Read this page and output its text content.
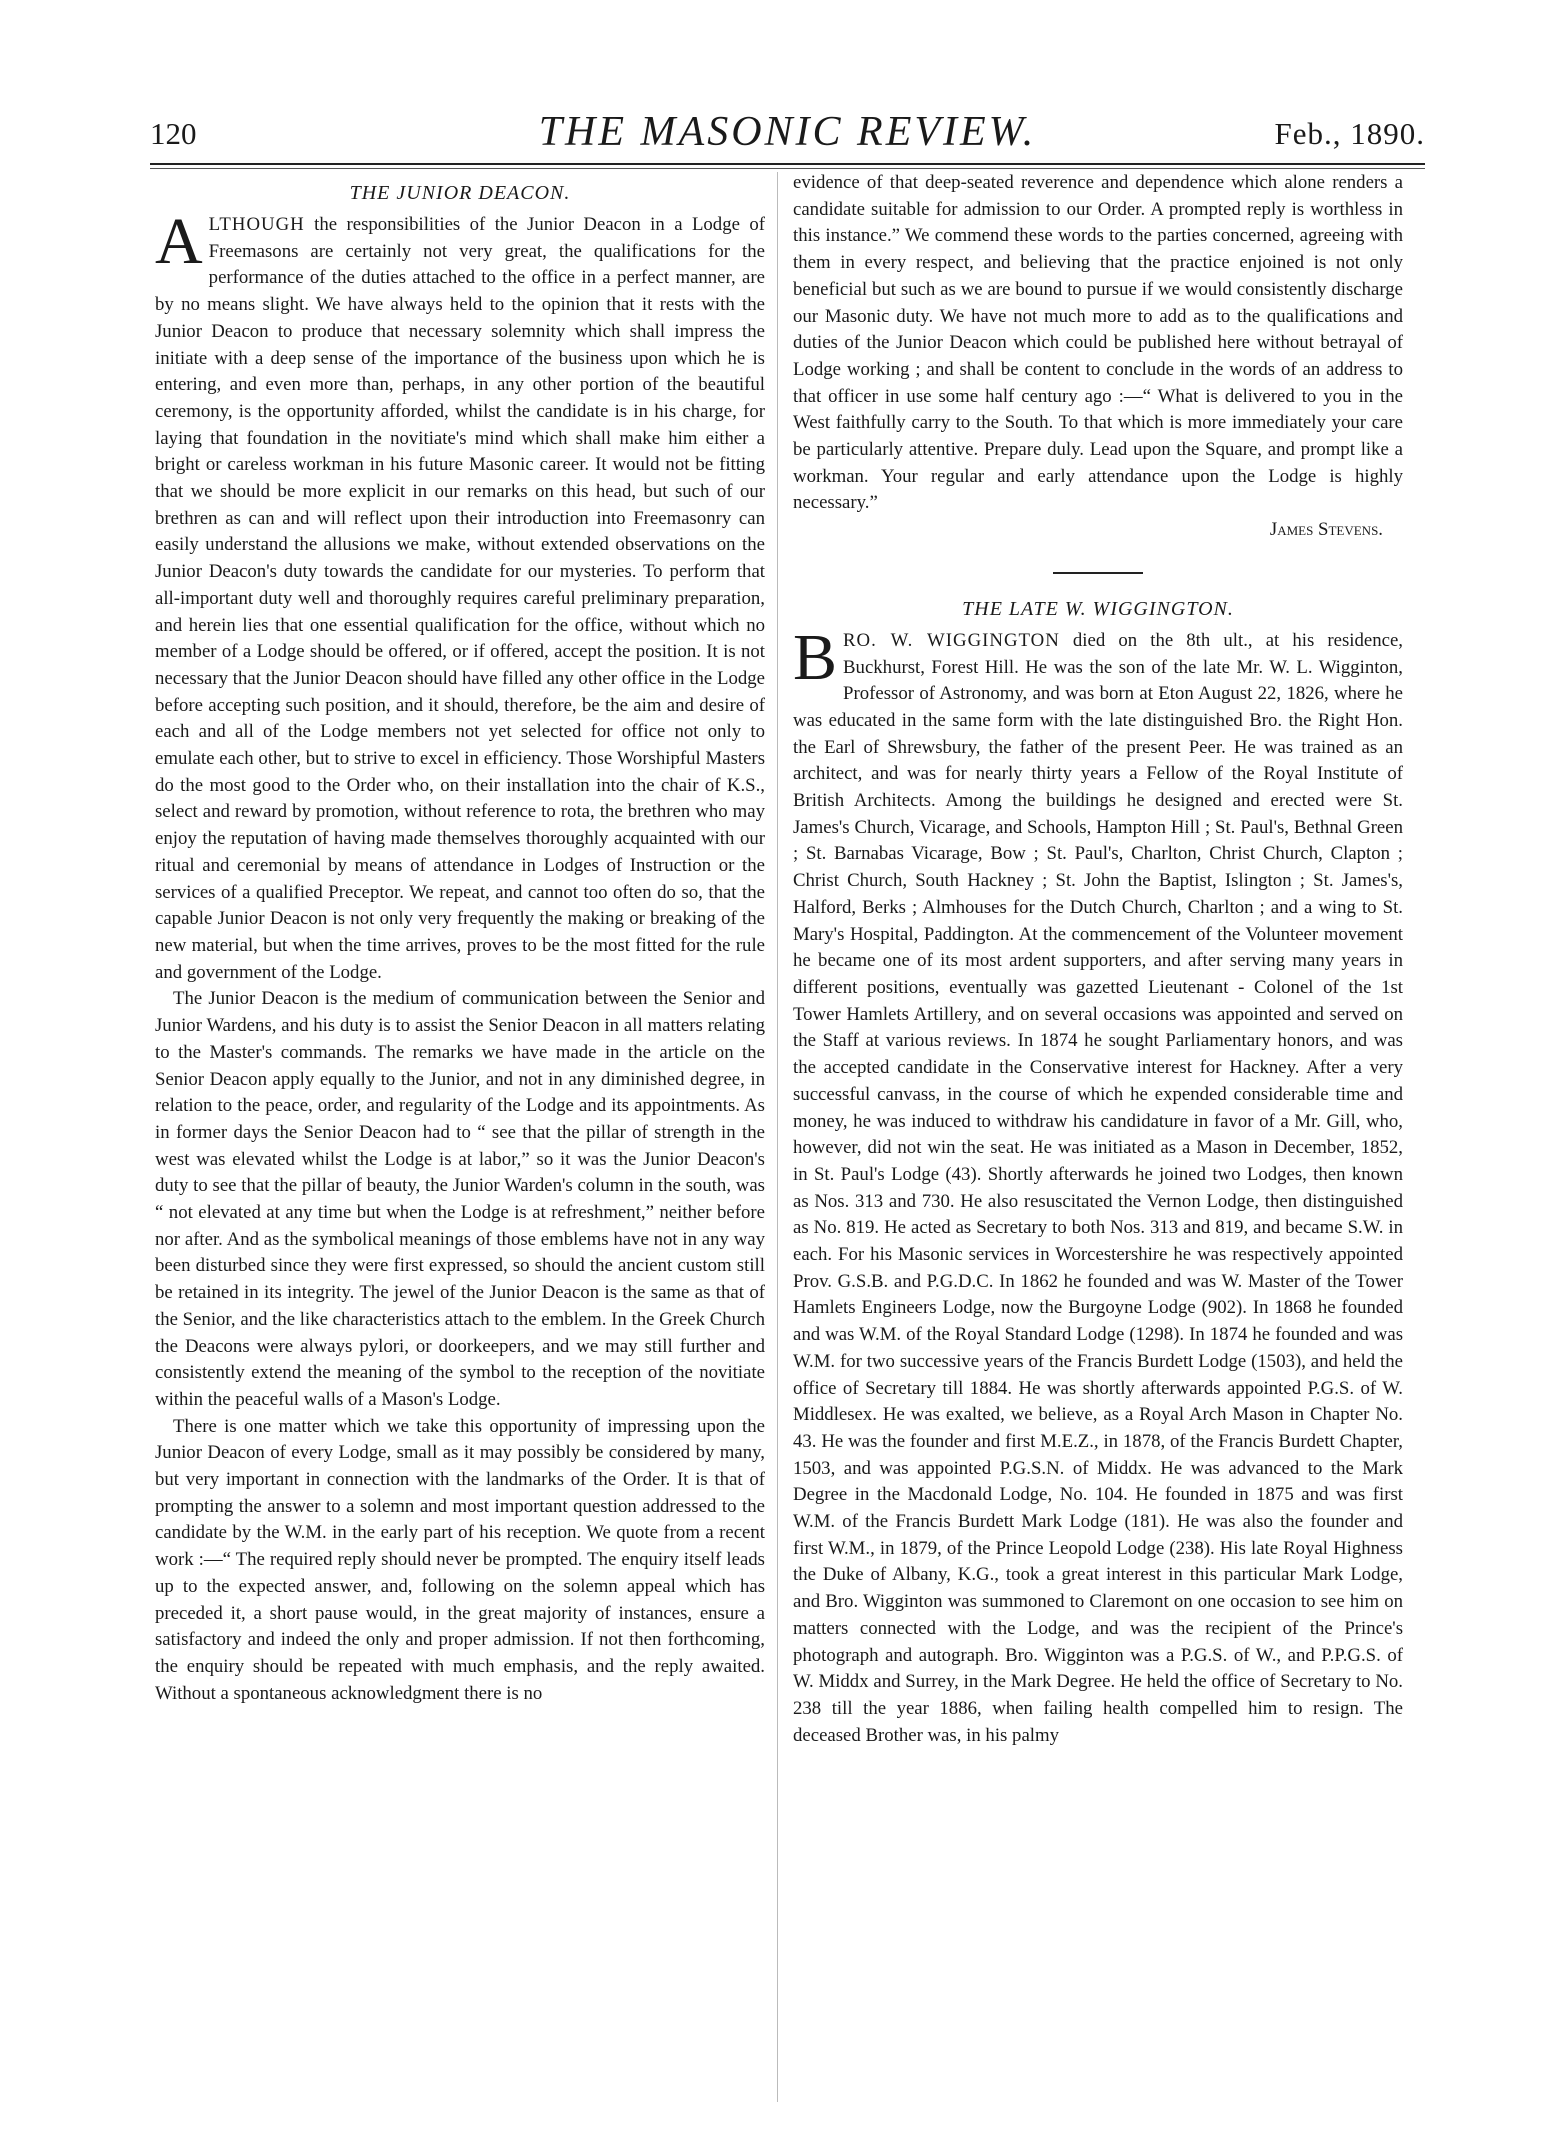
120	THE MASONIC REVIEW.	Feb., 1890.
THE JUNIOR DEACON.

ALTHOUGH the responsibilities of the Junior Deacon in a Lodge of Freemasons are certainly not very great, the qualifications for the performance of the duties attached to the office in a perfect manner, are by no means slight. We have always held to the opinion that it rests with the Junior Deacon to produce that necessary solemnity which shall impress the initiate with a deep sense of the importance of the business upon which he is entering, and even more than, perhaps, in any other portion of the beautiful ceremony, is the opportunity afforded, whilst the candidate is in his charge, for laying that foundation in the novitiate's mind which shall make him either a bright or careless workman in his future Masonic career. It would not be fitting that we should be more explicit in our remarks on this head, but such of our brethren as can and will reflect upon their introduction into Freemasonry can easily understand the allusions we make, without extended observations on the Junior Deacon's duty towards the candidate for our mysteries. To perform that all-important duty well and thoroughly requires careful preliminary preparation, and herein lies that one essential qualification for the office, without which no member of a Lodge should be offered, or if offered, accept the position. It is not necessary that the Junior Deacon should have filled any other office in the Lodge before accepting such position, and it should, therefore, be the aim and desire of each and all of the Lodge members not yet selected for office not only to emulate each other, but to strive to excel in efficiency. Those Worshipful Masters do the most good to the Order who, on their installation into the chair of K.S., select and reward by promotion, without reference to rota, the brethren who may enjoy the reputation of having made themselves thoroughly acquainted with our ritual and ceremonial by means of attendance in Lodges of Instruction or the services of a qualified Preceptor. We repeat, and cannot too often do so, that the capable Junior Deacon is not only very frequently the making or breaking of the new material, but when the time arrives, proves to be the most fitted for the rule and government of the Lodge.

The Junior Deacon is the medium of communication between the Senior and Junior Wardens, and his duty is to assist the Senior Deacon in all matters relating to the Master's commands. The remarks we have made in the article on the Senior Deacon apply equally to the Junior, and not in any diminished degree, in relation to the peace, order, and regularity of the Lodge and its appointments. As in former days the Senior Deacon had to “ see that the pillar of strength in the west was elevated whilst the Lodge is at labor,” so it was the Junior Deacon's duty to see that the pillar of beauty, the Junior Warden's column in the south, was “ not elevated at any time but when the Lodge is at refreshment,” neither before nor after. And as the symbolical meanings of those emblems have not in any way been disturbed since they were first expressed, so should the ancient custom still be retained in its integrity. The jewel of the Junior Deacon is the same as that of the Senior, and the like characteristics attach to the emblem. In the Greek Church the Deacons were always pylori, or doorkeepers, and we may still further and consistently extend the meaning of the symbol to the reception of the novitiate within the peaceful walls of a Mason's Lodge.

There is one matter which we take this opportunity of impressing upon the Junior Deacon of every Lodge, small as it may possibly be considered by many, but very important in connection with the landmarks of the Order. It is that of prompting the answer to a solemn and most important question addressed to the candidate by the W.M. in the early part of his reception. We quote from a recent work :—“ The required reply should never be prompted. The enquiry itself leads up to the expected answer, and, following on the solemn appeal which has preceded it, a short pause would, in the great majority of instances, ensure a satisfactory and indeed the only and proper admission. If not then forthcoming, the enquiry should be repeated with much emphasis, and the reply awaited. Without a spontaneous acknowledgment there is no

evidence of that deep-seated reverence and dependence which alone renders a candidate suitable for admission to our Order. A prompted reply is worthless in this instance.” We commend these words to the parties concerned, agreeing with them in every respect, and believing that the practice enjoined is not only beneficial but such as we are bound to pursue if we would consistently discharge our Masonic duty. We have not much more to add as to the qualifications and duties of the Junior Deacon which could be published here without betrayal of Lodge working ; and shall be content to conclude in the words of an address to that officer in use some half century ago :—“ What is delivered to you in the West faithfully carry to the South. To that which is more immediately your care be particularly attentive. Prepare duly. Lead upon the Square, and prompt like a workman. Your regular and early attendance upon the Lodge is highly necessary.”

James Stevens.

THE LATE W. WIGGINGTON.

BRO. W. WIGGINGTON died on the 8th ult., at his residence, Buckhurst, Forest Hill. He was the son of the late Mr. W. L. Wigginton, Professor of Astronomy, and was born at Eton August 22, 1826, where he was educated in the same form with the late distinguished Bro. the Right Hon. the Earl of Shrewsbury, the father of the present Peer. He was trained as an architect, and was for nearly thirty years a Fellow of the Royal Institute of British Architects. Among the buildings he designed and erected were St. James's Church, Vicarage, and Schools, Hampton Hill ; St. Paul's, Bethnal Green ; St. Barnabas Vicarage, Bow ; St. Paul's, Charlton, Christ Church, Clapton ; Christ Church, South Hackney ; St. John the Baptist, Islington ; St. James's, Halford, Berks ; Almhouses for the Dutch Church, Charlton ; and a wing to St. Mary's Hospital, Paddington. At the commencement of the Volunteer movement he became one of its most ardent supporters, and after serving many years in different positions, eventually was gazetted Lieutenant - Colonel of the 1st Tower Hamlets Artillery, and on several occasions was appointed and served on the Staff at various reviews. In 1874 he sought Parliamentary honors, and was the accepted candidate in the Conservative interest for Hackney. After a very successful canvass, in the course of which he expended considerable time and money, he was induced to withdraw his candidature in favor of a Mr. Gill, who, however, did not win the seat. He was initiated as a Mason in December, 1852, in St. Paul's Lodge (43). Shortly afterwards he joined two Lodges, then known as Nos. 313 and 730. He also resuscitated the Vernon Lodge, then distinguished as No. 819. He acted as Secretary to both Nos. 313 and 819, and became S.W. in each. For his Masonic services in Worcestershire he was respectively appointed Prov. G.S.B. and P.G.D.C. In 1862 he founded and was W. Master of the Tower Hamlets Engineers Lodge, now the Burgoyne Lodge (902). In 1868 he founded and was W.M. of the Royal Standard Lodge (1298). In 1874 he founded and was W.M. for two successive years of the Francis Burdett Lodge (1503), and held the office of Secretary till 1884. He was shortly afterwards appointed P.G.S. of W. Middlesex. He was exalted, we believe, as a Royal Arch Mason in Chapter No. 43. He was the founder and first M.E.Z., in 1878, of the Francis Burdett Chapter, 1503, and was appointed P.G.S.N. of Middx. He was advanced to the Mark Degree in the Macdonald Lodge, No. 104. He founded in 1875 and was first W.M. of the Francis Burdett Mark Lodge (181). He was also the founder and first W.M., in 1879, of the Prince Leopold Lodge (238). His late Royal Highness the Duke of Albany, K.G., took a great interest in this particular Mark Lodge, and Bro. Wigginton was summoned to Claremont on one occasion to see him on matters connected with the Lodge, and was the recipient of the Prince's photograph and autograph. Bro. Wigginton was a P.G.S. of W., and P.P.G.S. of W. Middx and Surrey, in the Mark Degree. He held the office of Secretary to No. 238 till the year 1886, when failing health compelled him to resign. The deceased Brother was, in his palmy
